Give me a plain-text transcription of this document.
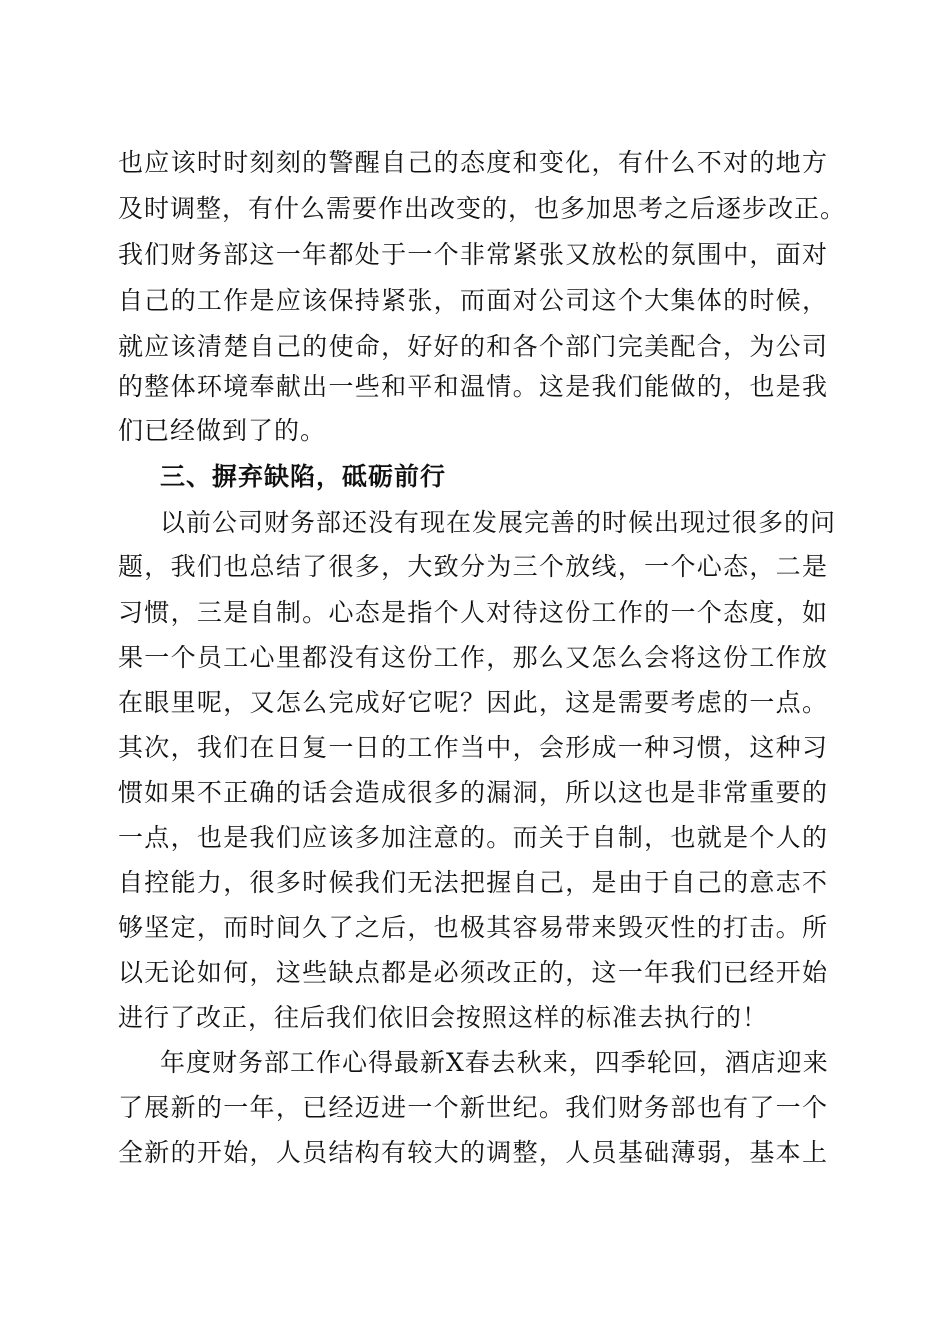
也应该时时刻刻的警醒自己的态度和变化，有什么不对的地方
及时调整，有什么需要作出改变的，也多加思考之后逐步改正。
我们财务部这一年都处于一个非常紧张又放松的氛围中，面对
自己的工作是应该保持紧张，而面对公司这个大集体的时候，
就应该清楚自己的使命，好好的和各个部门完美配合，为公司
的整体环境奉献出一些和平和温情。这是我们能做的，也是我
们已经做到了的。
三、摒弃缺陷，砥砺前行
以前公司财务部还没有现在发展完善的时候出现过很多的问
题，我们也总结了很多，大致分为三个放线，一个心态，二是
习惯，三是自制。心态是指个人对待这份工作的一个态度，如
果一个员工心里都没有这份工作，那么又怎么会将这份工作放
在眼里呢，又怎么完成好它呢？因此，这是需要考虑的一点。
其次，我们在日复一日的工作当中，会形成一种习惯，这种习
惯如果不正确的话会造成很多的漏洞，所以这也是非常重要的
一点，也是我们应该多加注意的。而关于自制，也就是个人的
自控能力，很多时候我们无法把握自己，是由于自己的意志不
够坚定，而时间久了之后，也极其容易带来毁灭性的打击。所
以无论如何，这些缺点都是必须改正的，这一年我们已经开始
进行了改正，往后我们依旧会按照这样的标准去执行的！
年度财务部工作心得最新X春去秋来，四季轮回，酒店迎来
了展新的一年，已经迈进一个新世纪。我们财务部也有了一个
全新的开始，人员结构有较大的调整，人员基础薄弱，基本上
